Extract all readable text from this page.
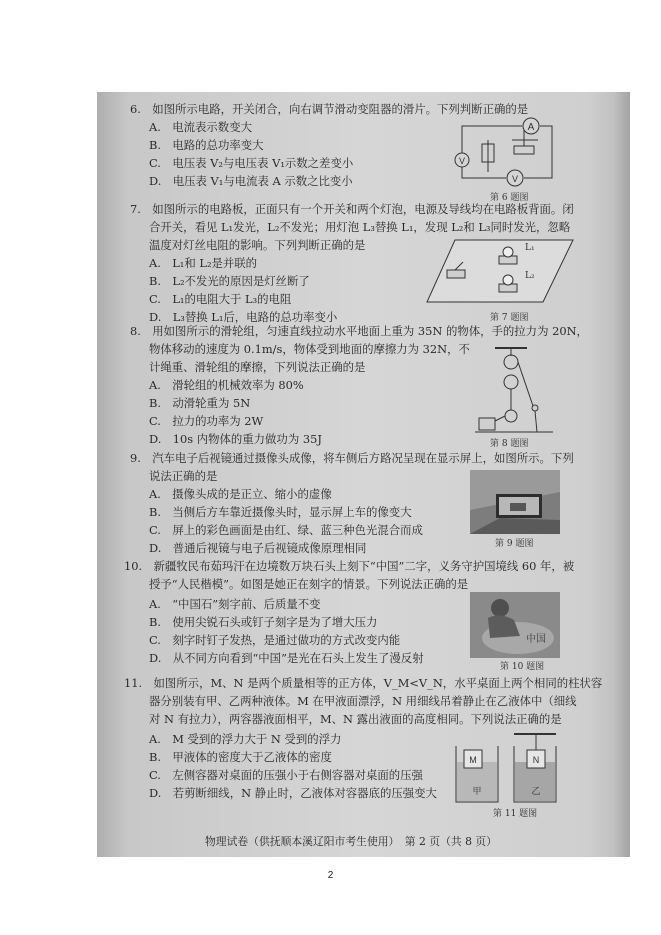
6.　如图所示电路，开关闭合，向右调节滑动变阻器的滑片。下列判断正确的是
A.　电流表示数变大
B.　电路的总功率变大
C.　电压表 V₂与电压表 V₁示数之差变小
D.　电压表 V₁与电流表 A 示数之比变小
A
V
V
第 6 题图
7.　如图所示的电路板，正面只有一个开关和两个灯泡，电源及导线均在电路板背面。闭
合开关，看见 L₁发光，L₂不发光；用灯泡 L₃替换 L₁，发现 L₂和 L₃同时发光，忽略
温度对灯丝电阻的影响。下列判断正确的是
A.　L₁和 L₂是并联的
B.　L₂不发光的原因是灯丝断了
C.　L₁的电阻大于 L₃的电阻
D.　L₃替换 L₁后，电路的总功率变小
L₁
L₂
第 7 题图
8.　用如图所示的滑轮组，匀速直线拉动水平地面上重为 35N 的物体，手的拉力为 20N，
物体移动的速度为 0.1m/s，物体受到地面的摩擦力为 32N，不
计绳重、滑轮组的摩擦，下列说法正确的是
A.　滑轮组的机械效率为 80%
B.　动滑轮重为 5N
C.　拉力的功率为 2W
D.　10s 内物体的重力做功为 35J	第 8 题图
9.　汽车电子后视镜通过摄像头成像，将车侧后方路况呈现在显示屏上，如图所示。下列
说法正确的是
A.　摄像头成的是正立、缩小的虚像
B.　当侧后方车靠近摄像头时，显示屏上车的像变大
C.　屏上的彩色画面是由红、绿、蓝三种色光混合而成
D.　普通后视镜与电子后视镜成像原理相同	第 9 题图
10.　新疆牧民布茹玛汗在边境数万块石头上刻下“中国”二字，义务守护国境线 60 年，被
授予“人民楷模”。如图是她正在刻字的情景。下列说法正确的是
A.　“中国石”刻字前、后质量不变
B.　使用尖锐石头或钉子刻字是为了增大压力
C.　刻字时钉子发热，是通过做功的方式改变内能
D.　从不同方向看到“中国”是光在石头上发生了漫反射
中国
第 10 题图
11.　如图所示，M、N 是两个质量相等的正方体，V_M<V_N，水平桌面上两个相同的柱状容
器分别装有甲、乙两种液体。M 在甲液面漂浮，N 用细线吊着静止在乙液体中（细线
对 N 有拉力），两容器液面相平，M、N 露出液面的高度相同。下列说法正确的是
A.　M 受到的浮力大于 N 受到的浮力
B.　甲液体的密度大于乙液体的密度
C.　左侧容器对桌面的压强小于右侧容器对桌面的压强
D.　若剪断细线，N 静止时，乙液体对容器底的压强变大
M	N
甲	乙
第 11 题图
物理试卷（供抚顺本溪辽阳市考生使用）　第 2 页（共 8 页）
2
